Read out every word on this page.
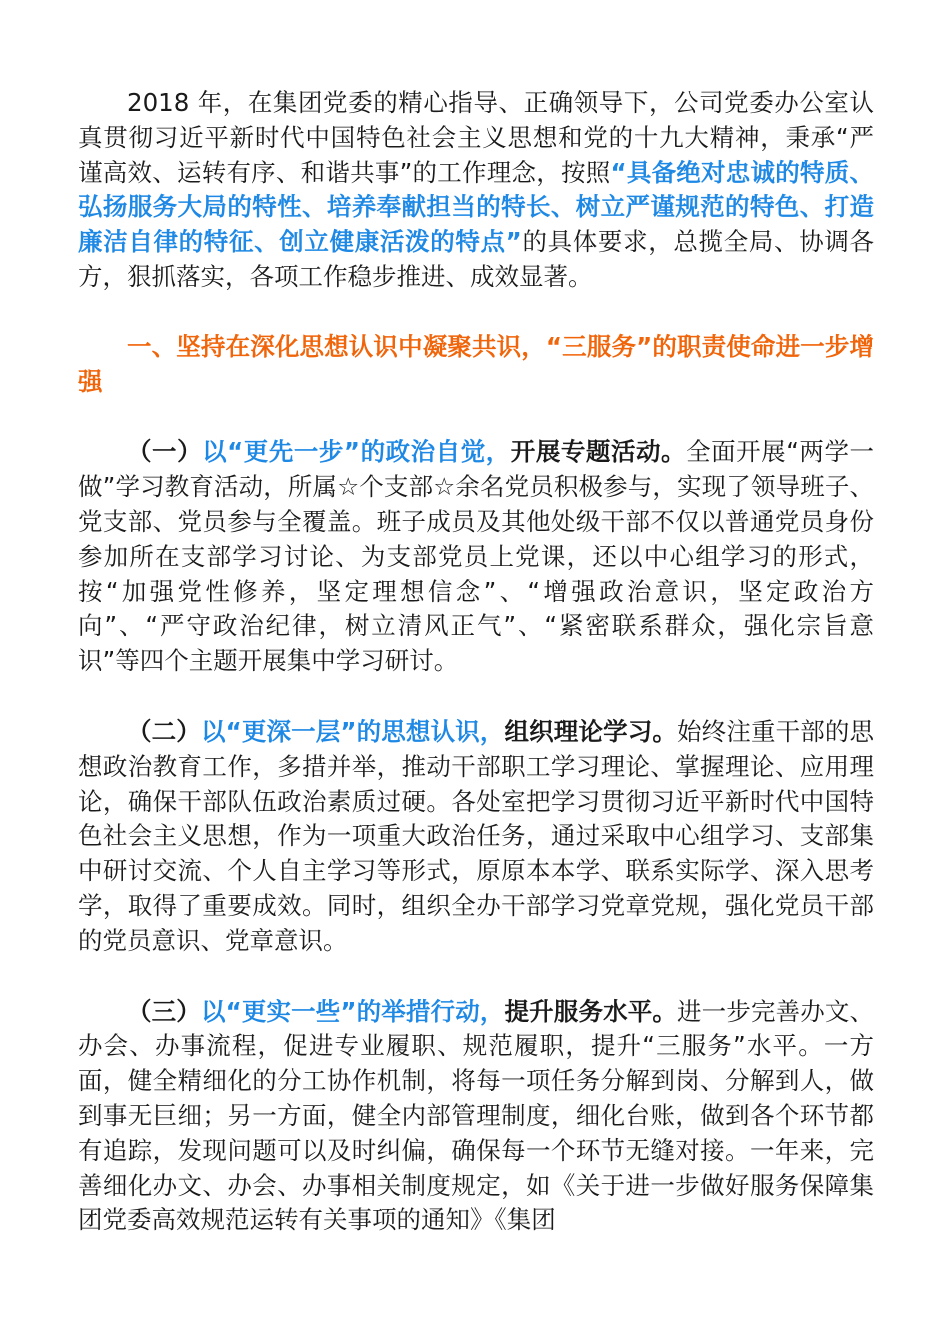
2018 年，在集团党委的精心指导、正确领导下，公司党委办公室认真贯彻习近平新时代中国特色社会主义思想和党的十九大精神，秉承“严谨高效、运转有序、和谐共事”的工作理念，按照“具备绝对忠诚的特质、弘扬服务大局的特性、培养奉献担当的特长、树立严谨规范的特色、打造廉洁自律的特征、创立健康活泼的特点”的具体要求，总揽全局、协调各方，狠抓落实，各项工作稳步推进、成效显著。

一、坚持在深化思想认识中凝聚共识，“三服务”的职责使命进一步增强

（一）以“更先一步”的政治自觉，开展专题活动。全面开展“两学一做”学习教育活动，所属☆个支部☆余名党员积极参与，实现了领导班子、党支部、党员参与全覆盖。班子成员及其他处级干部不仅以普通党员身份参加所在支部学习讨论、为支部党员上党课，还以中心组学习的形式，按“加强党性修养，坚定理想信念”、“增强政治意识，坚定政治方向”、“严守政治纪律，树立清风正气”、“紧密联系群众，强化宗旨意识”等四个主题开展集中学习研讨。

（二）以“更深一层”的思想认识，组织理论学习。始终注重干部的思想政治教育工作，多措并举，推动干部职工学习理论、掌握理论、应用理论，确保干部队伍政治素质过硬。各处室把学习贯彻习近平新时代中国特色社会主义思想，作为一项重大政治任务，通过采取中心组学习、支部集中研讨交流、个人自主学习等形式，原原本本学、联系实际学、深入思考学，取得了重要成效。同时，组织全办干部学习党章党规，强化党员干部的党员意识、党章意识。

（三）以“更实一些”的举措行动，提升服务水平。进一步完善办文、办会、办事流程，促进专业履职、规范履职，提升“三服务”水平。一方面，健全精细化的分工协作机制，将每一项任务分解到岗、分解到人，做到事无巨细；另一方面，健全内部管理制度，细化台账，做到各个环节都有追踪，发现问题可以及时纠偏，确保每一个环节无缝对接。一年来，完善细化办文、办会、办事相关制度规定，如《关于进一步做好服务保障集团党委高效规范运转有关事项的通知》《集团
